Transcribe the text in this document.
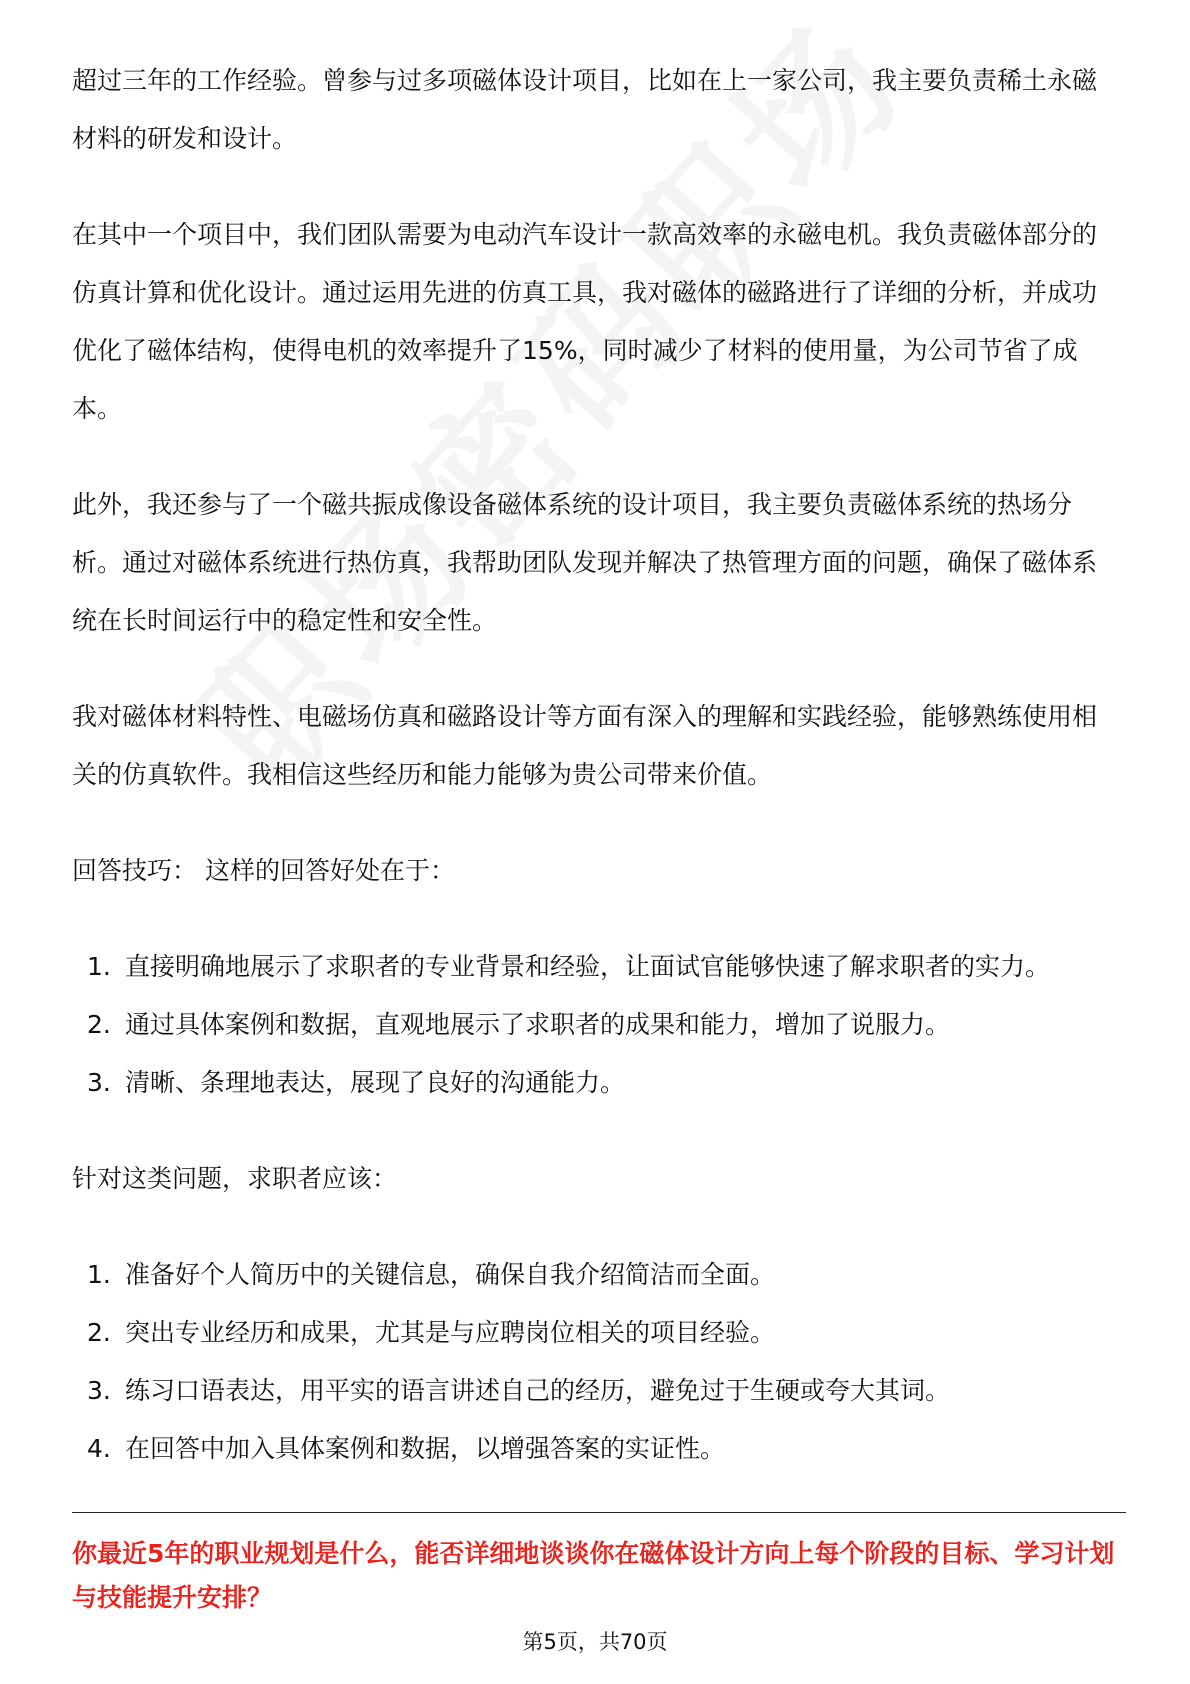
超过三年的工作经验。曾参与过多项磁体设计项目，比如在上一家公司，我主要负责稀土永磁材料的研发和设计。

在其中一个项目中，我们团队需要为电动汽车设计一款高效率的永磁电机。我负责磁体部分的仿真计算和优化设计。通过运用先进的仿真工具，我对磁体的磁路进行了详细的分析，并成功优化了磁体结构，使得电机的效率提升了15%，同时减少了材料的使用量，为公司节省了成本。

此外，我还参与了一个磁共振成像设备磁体系统的设计项目，我主要负责磁体系统的热场分析。通过对磁体系统进行热仿真，我帮助团队发现并解决了热管理方面的问题，确保了磁体系统在长时间运行中的稳定性和安全性。

我对磁体材料特性、电磁场仿真和磁路设计等方面有深入的理解和实践经验，能够熟练使用相关的仿真软件。我相信这些经历和能力能够为贵公司带来价值。

回答技巧： 这样的回答好处在于：

1. 直接明确地展示了求职者的专业背景和经验，让面试官能够快速了解求职者的实力。
2. 通过具体案例和数据，直观地展示了求职者的成果和能力，增加了说服力。
3. 清晰、条理地表达，展现了良好的沟通能力。

针对这类问题，求职者应该：

1. 准备好个人简历中的关键信息，确保自我介绍简洁而全面。
2. 突出专业经历和成果，尤其是与应聘岗位相关的项目经验。
3. 练习口语表达，用平实的语言讲述自己的经历，避免过于生硬或夸大其词。
4. 在回答中加入具体案例和数据，以增强答案的实证性。
你最近5年的职业规划是什么，能否详细地谈谈你在磁体设计方向上每个阶段的目标、学习计划与技能提升安排？
第5页，共70页
